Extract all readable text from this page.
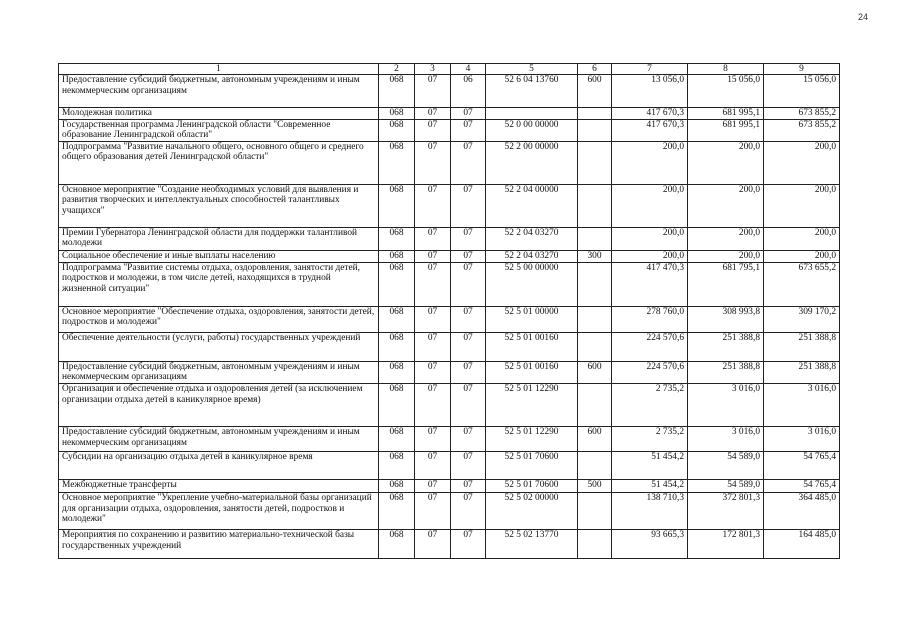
24
1	2	3	4	5	6	7	8	9
Предоставление субсидий бюджетным, автономным учреждениям и иным некоммерческим организациям	068	07	06	52 6 04 13760	600	13 056,0	15 056,0	15 056,0
Молодежная политика	068	07	07			417 670,3	681 995,1	673 855,2
Государственная программа Ленинградской области "Современное образование Ленинградской области"	068	07	07	52 0 00 00000		417 670,3	681 995,1	673 855,2
Подпрограмма "Развитие начального общего, основного общего и среднего общего образования детей Ленинградской области"	068	07	07	52 2 00 00000		200,0	200,0	200,0
Основное мероприятие "Создание необходимых условий для выявления и развития творческих и интеллектуальных способностей талантливых учащихся"	068	07	07	52 2 04 00000		200,0	200,0	200,0
Премии Губернатора Ленинградской области для поддержки талантливой молодежи	068	07	07	52 2 04 03270		200,0	200,0	200,0
Социальное обеспечение и иные выплаты населению	068	07	07	52 2 04 03270	300	200,0	200,0	200,0
Подпрограмма "Развитие системы отдыха, оздоровления, занятости детей, подростков и молодежи, в том числе детей, находящихся в трудной жизненной ситуации"	068	07	07	52 5 00 00000		417 470,3	681 795,1	673 655,2
Основное мероприятие "Обеспечение отдыха, оздоровления, занятости детей, подростков и молодежи"	068	07	07	52 5 01 00000		278 760,0	308 993,8	309 170,2
Обеспечение деятельности (услуги, работы) государственных учреждений	068	07	07	52 5 01 00160		224 570,6	251 388,8	251 388,8
Предоставление субсидий бюджетным, автономным учреждениям и иным некоммерческим организациям	068	07	07	52 5 01 00160	600	224 570,6	251 388,8	251 388,8
Организация и обеспечение отдыха и оздоровления детей (за исключением организации отдыха детей в каникулярное время)	068	07	07	52 5 01 12290		2 735,2	3 016,0	3 016,0
Предоставление субсидий бюджетным, автономным учреждениям и иным некоммерческим организациям	068	07	07	52 5 01 12290	600	2 735,2	3 016,0	3 016,0
Субсидии на организацию отдыха детей в каникулярное время	068	07	07	52 5 01 70600		51 454,2	54 589,0	54 765,4
Межбюджетные трансферты	068	07	07	52 5 01 70600	500	51 454,2	54 589,0	54 765,4
Основное мероприятие "Укрепление учебно-материальной базы организаций для организации отдыха, оздоровления, занятости детей, подростков и молодежи"	068	07	07	52 5 02 00000		138 710,3	372 801,3	364 485,0
Мероприятия по сохранению и развитию материально-технической базы государственных учреждений	068	07	07	52 5 02 13770		93 665,3	172 801,3	164 485,0
